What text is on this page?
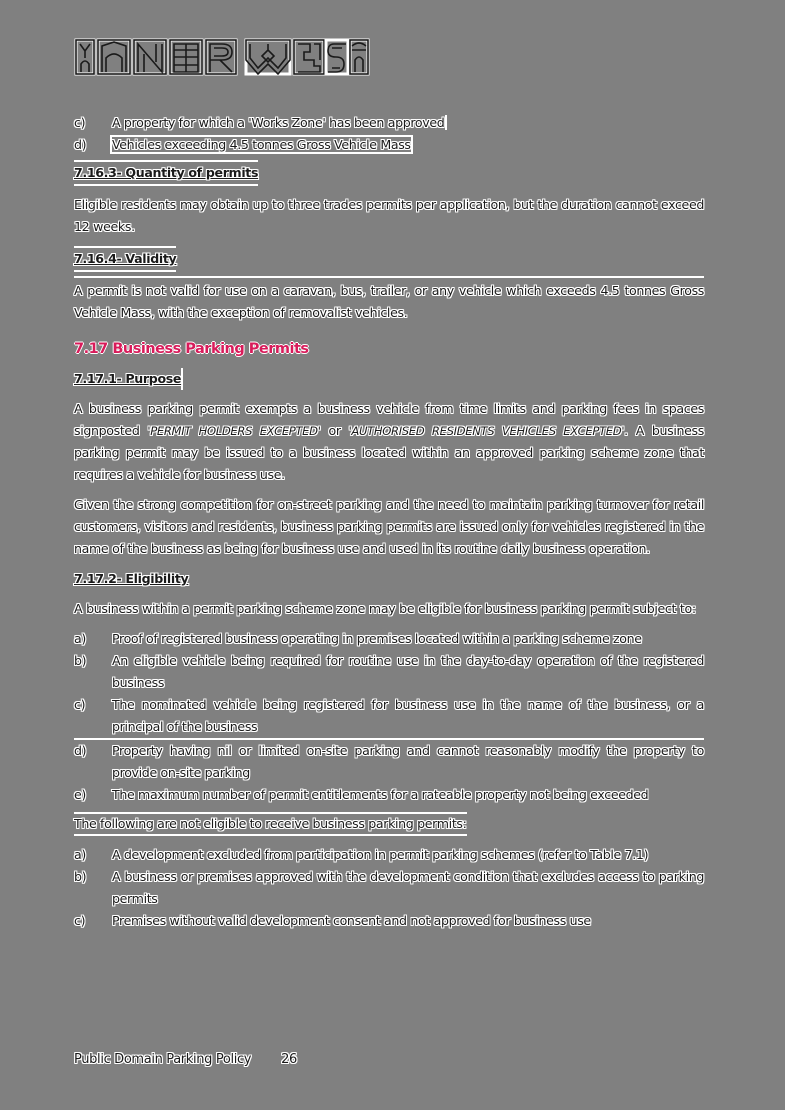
c)	A property for which a 'Works Zone' has been approved
d)	Vehicles exceeding 4.5 tonnes Gross Vehicle Mass
7.16.3- Quantity of permits

Eligible residents may obtain up to three trades permits per application, but the duration cannot exceed 12 weeks.

7.16.4- Validity

A permit is not valid for use on a caravan, bus, trailer, or any vehicle which exceeds 4.5 tonnes Gross Vehicle Mass, with the exception of removalist vehicles.

7.17 Business Parking Permits
7.17.1- Purpose

A business parking permit exempts a business vehicle from time limits and parking fees in spaces signposted 'PERMIT HOLDERS EXCEPTED' or 'AUTHORISED RESIDENTS VEHICLES EXCEPTED'. A business parking permit may be issued to a business located within an approved parking scheme zone that requires a vehicle for business use.

Given the strong competition for on-street parking and the need to maintain parking turnover for retail customers, visitors and residents, business parking permits are issued only for vehicles registered in the name of the business as being for business use and used in its routine daily business operation.

7.17.2- Eligibility

A business within a permit parking scheme zone may be eligible for business parking permit subject to:

a)	Proof of registered business operating in premises located within a parking scheme zone
b)	An eligible vehicle being required for routine use in the day-to-day operation of the registered business
c)	The nominated vehicle being registered for business use in the name of the business, or a principal of the business
d)	Property having nil or limited on-site parking and cannot reasonably modify the property to provide on-site parking
e)	The maximum number of permit entitlements for a rateable property not being exceeded
The following are not eligible to receive business parking permits:
a)	A development excluded from participation in permit parking schemes (refer to Table 7.1)
b)	A business or premises approved with the development condition that excludes access to parking permits
c)	Premises without valid development consent and not approved for business use
Public Domain Parking Policy 26
